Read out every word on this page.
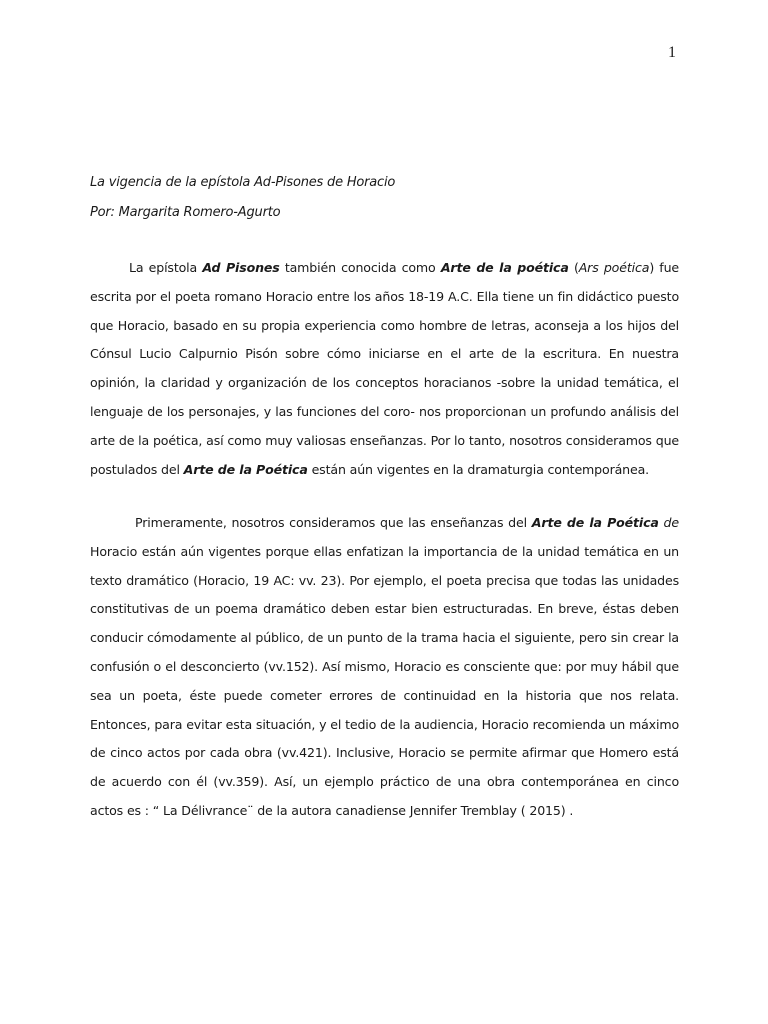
1
La vigencia de la epístola Ad-Pisones de Horacio
Por: Margarita Romero-Agurto

La epístola Ad Pisones también conocida como Arte de la poética (Ars poética) fue escrita por el poeta romano Horacio entre los años 18-19 A.C. Ella tiene un fin didáctico puesto que Horacio, basado en su propia experiencia como hombre de letras, aconseja a los hijos del Cónsul Lucio Calpurnio Pisón sobre cómo iniciarse en el arte de la escritura. En nuestra opinión, la claridad y organización de los conceptos horacianos -sobre la unidad temática, el lenguaje de los personajes, y las funciones del coro- nos proporcionan un profundo análisis del arte de la poética, así como muy valiosas enseñanzas. Por lo tanto, nosotros consideramos que postulados del Arte de la Poética están aún vigentes en la dramaturgia contemporánea.

Primeramente, nosotros consideramos que las enseñanzas del Arte de la Poética de Horacio están aún vigentes porque ellas enfatizan la importancia de la unidad temática en un texto dramático (Horacio, 19 AC: vv. 23). Por ejemplo, el poeta precisa que todas las unidades constitutivas de un poema dramático deben estar bien estructuradas. En breve, éstas deben conducir cómodamente al público, de un punto de la trama hacia el siguiente, pero sin crear la confusión o el desconcierto (vv.152). Así mismo, Horacio es consciente que: por muy hábil que sea un poeta, éste puede cometer errores de continuidad en la historia que nos relata. Entonces, para evitar esta situación, y el tedio de la audiencia, Horacio recomienda un máximo de cinco actos por cada obra (vv.421). Inclusive, Horacio se permite afirmar que Homero está de acuerdo con él (vv.359). Así, un ejemplo práctico de una obra contemporánea en cinco actos es : “ La Délivrance¨ de la autora canadiense Jennifer Tremblay ( 2015) .
